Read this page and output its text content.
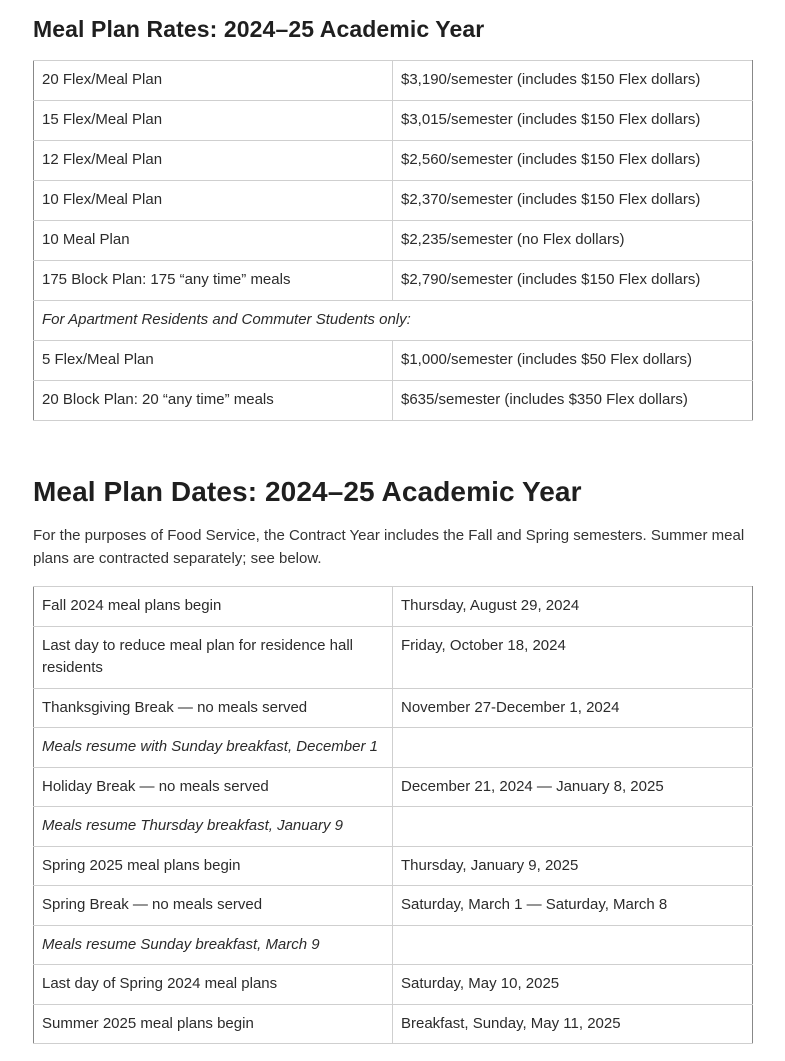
Meal Plan Rates: 2024–25 Academic Year
20 Flex/Meal Plan	$3,190/semester (includes $150 Flex dollars)
15 Flex/Meal Plan	$3,015/semester (includes $150 Flex dollars)
12 Flex/Meal Plan	$2,560/semester (includes $150 Flex dollars)
10 Flex/Meal Plan	$2,370/semester (includes $150 Flex dollars)
10 Meal Plan	$2,235/semester (no Flex dollars)
175 Block Plan: 175 “any time” meals	$2,790/semester (includes $150 Flex dollars)
For Apartment Residents and Commuter Students only:	
5 Flex/Meal Plan	$1,000/semester (includes $50 Flex dollars)
20 Block Plan: 20 “any time” meals	$635/semester (includes $350 Flex dollars)
Meal Plan Dates: 2024–25 Academic Year

For the purposes of Food Service, the Contract Year includes the Fall and Spring semesters. Summer meal plans are contracted separately; see below.

Fall 2024 meal plans begin	Thursday, August 29, 2024
Last day to reduce meal plan for residence hall residents	Friday, October 18, 2024
Thanksgiving Break — no meals served	November 27-December 1, 2024
Meals resume with Sunday breakfast, December 1	
Holiday Break — no meals served	December 21, 2024 — January 8, 2025
Meals resume Thursday breakfast, January 9	
Spring 2025 meal plans begin	Thursday, January 9, 2025
Spring Break — no meals served	Saturday, March 1 — Saturday, March 8
Meals resume Sunday breakfast, March 9	
Last day of Spring 2024 meal plans	Saturday, May 10, 2025
Summer 2025 meal plans begin	Breakfast, Sunday, May 11, 2025
